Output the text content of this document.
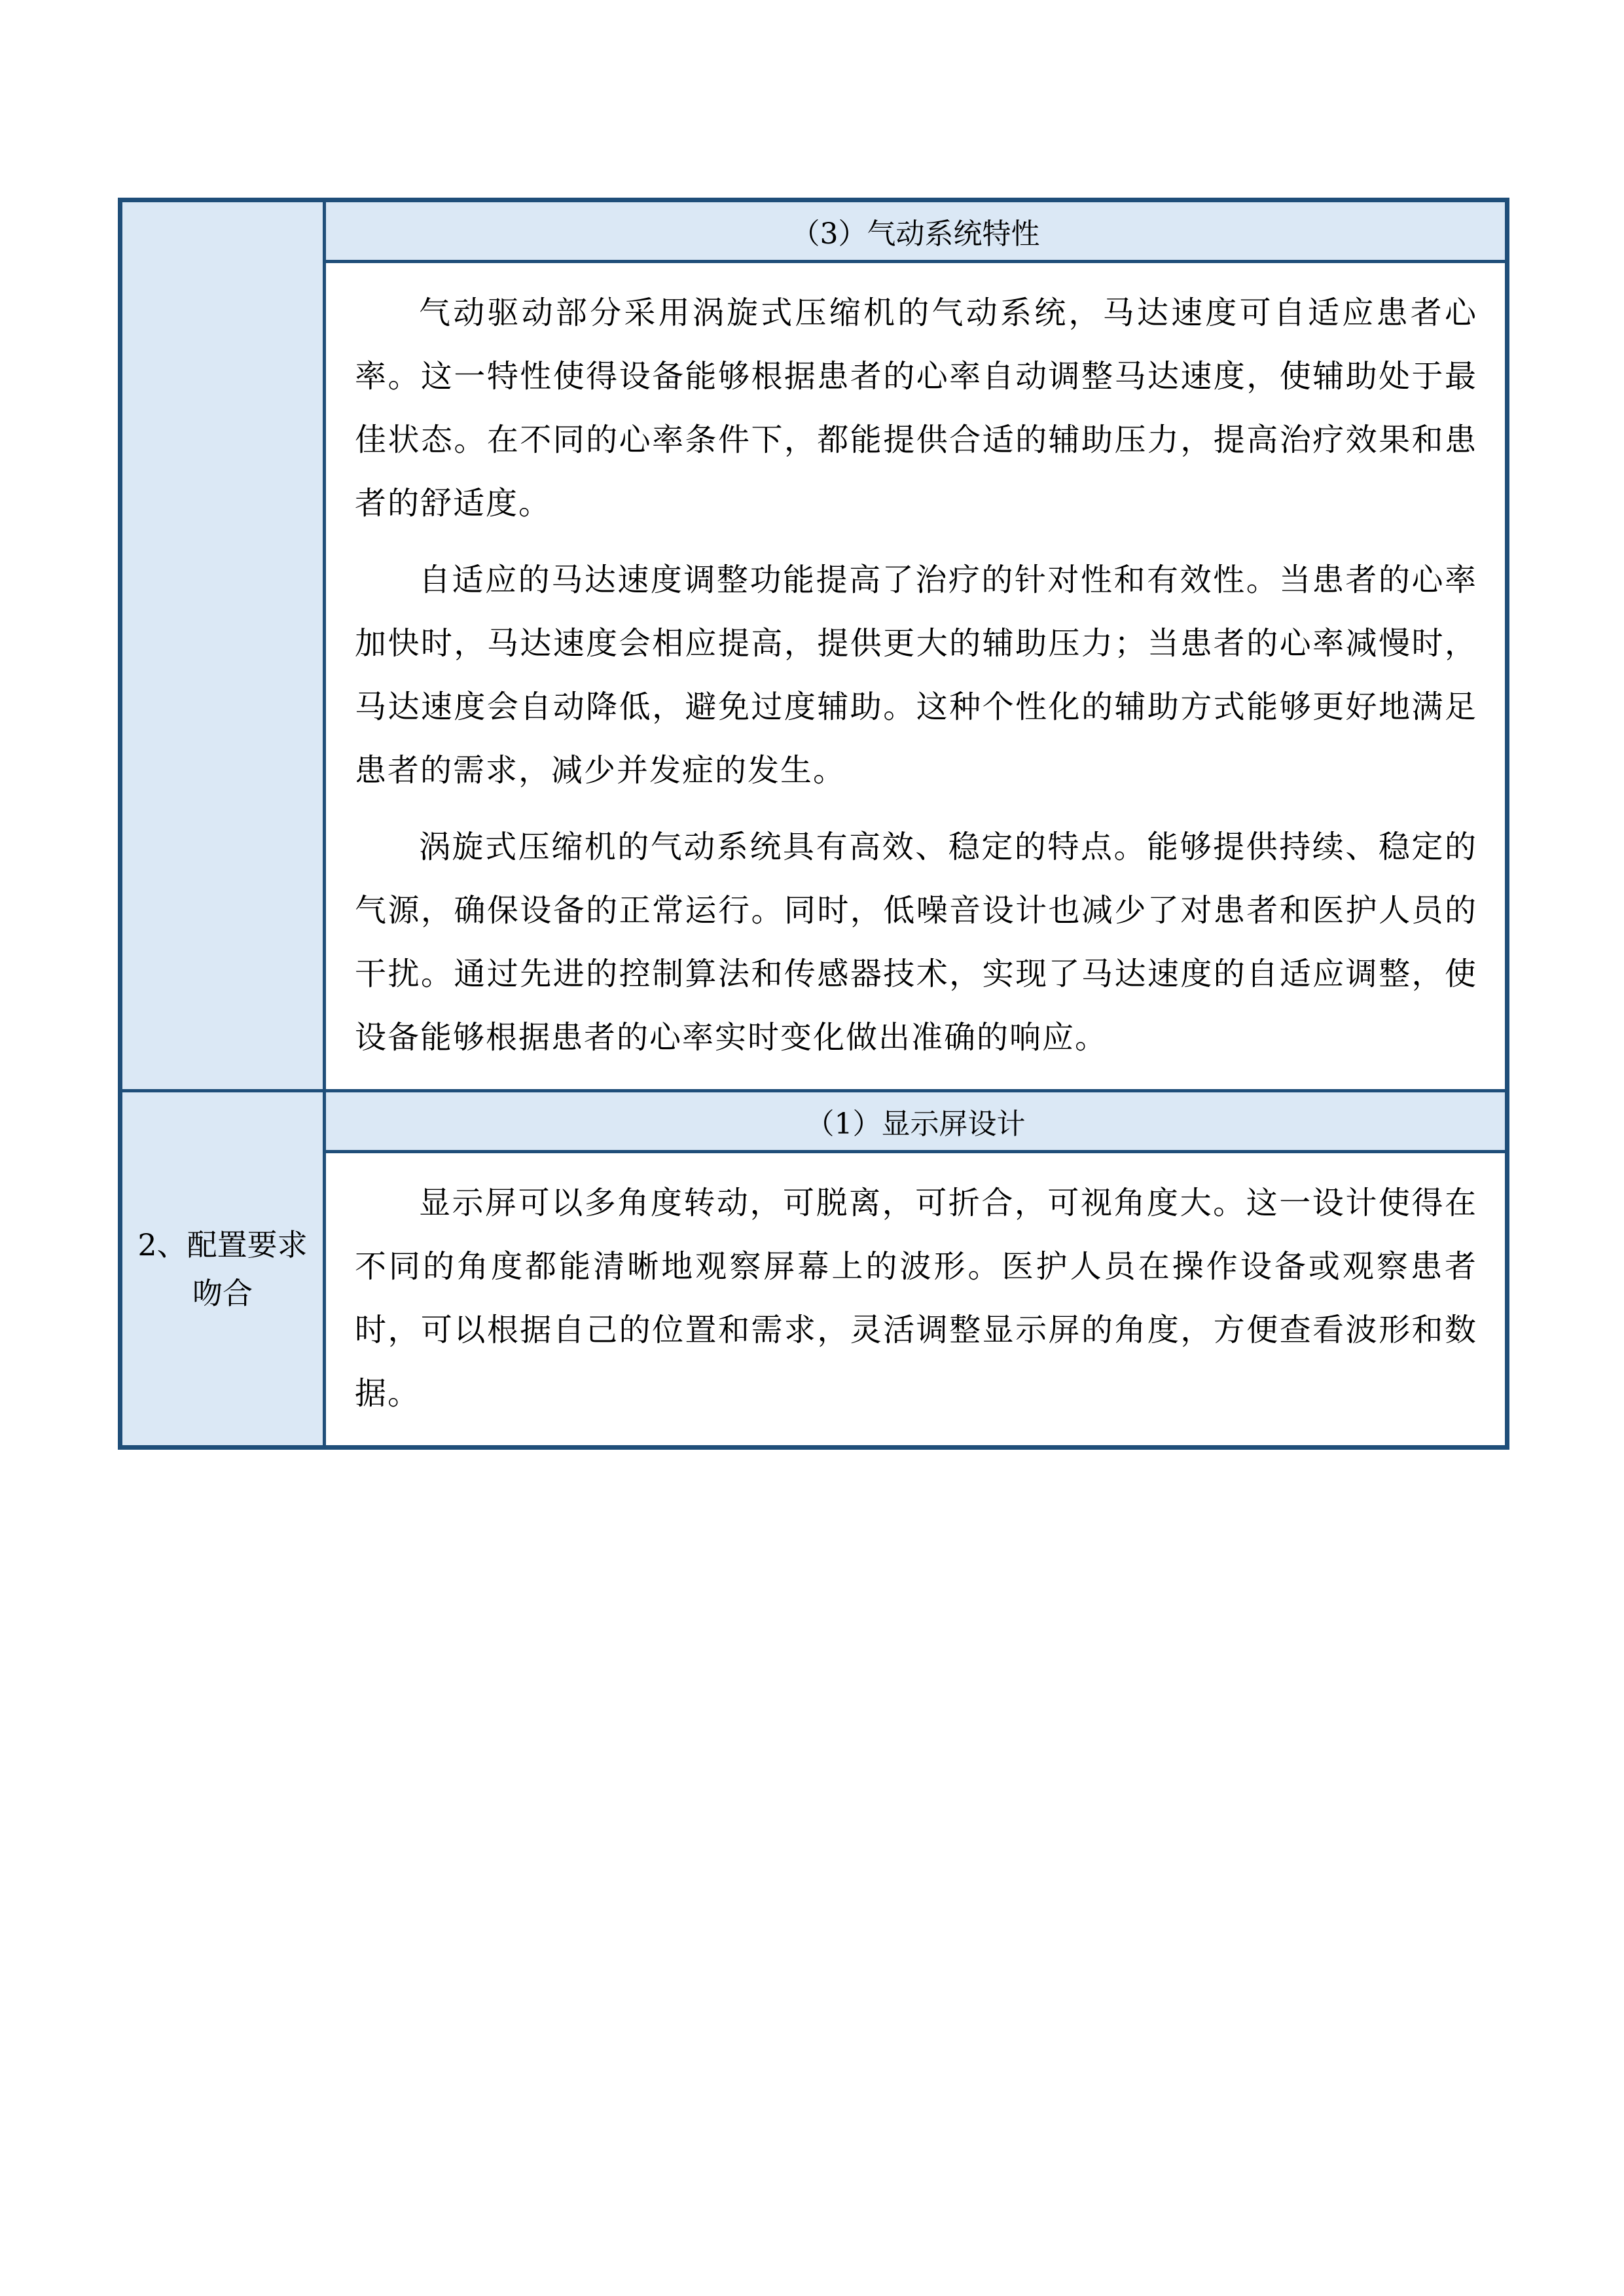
	（3）气动系统特性

	气动驱动部分采用涡旋式压缩机的气动系统，马达速度可自适应患者心率。这一特性使得设备能够根据患者的心率自动调整马达速度，使辅助处于最佳状态。在不同的心率条件下，都能提供合适的辅助压力，提高治疗效果和患者的舒适度。

自适应的马达速度调整功能提高了治疗的针对性和有效性。当患者的心率加快时，马达速度会相应提高，提供更大的辅助压力；当患者的心率减慢时，马达速度会自动降低，避免过度辅助。这种个性化的辅助方式能够更好地满足患者的需求，减少并发症的发生。

涡旋式压缩机的气动系统具有高效、稳定的特点。能够提供持续、稳定的气源，确保设备的正常运行。同时，低噪音设计也减少了对患者和医护人员的干扰。通过先进的控制算法和传感器技术，实现了马达速度的自适应调整，使设备能够根据患者的心率实时变化做出准确的响应。

2、配置要求吻合	（1）显示屏设计

	显示屏可以多角度转动，可脱离，可折合，可视角度大。这一设计使得在不同的角度都能清晰地观察屏幕上的波形。医护人员在操作设备或观察患者时，可以根据自己的位置和需求，灵活调整显示屏的角度，方便查看波形和数据。
